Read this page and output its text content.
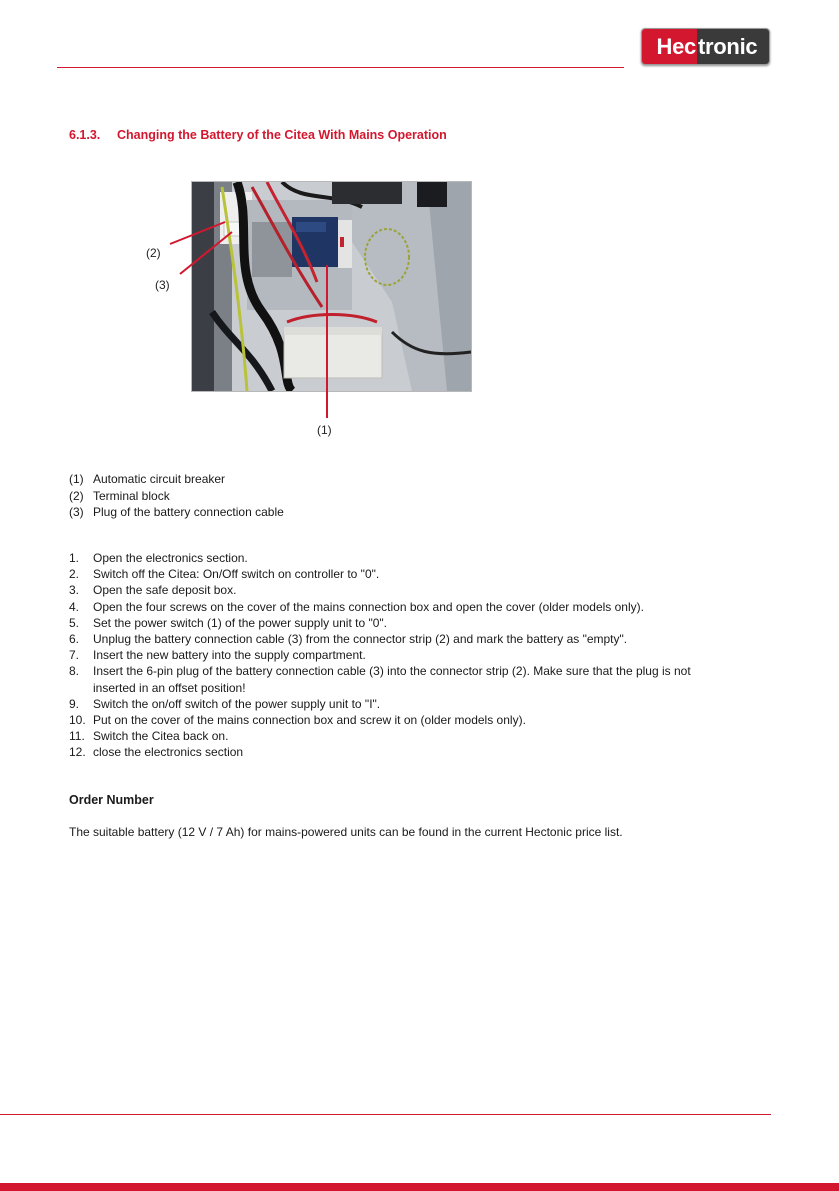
Hec tronic
6.1.3. Changing the Battery of the Citea With Mains Operation
(2)
(3)
(1)
(1) Automatic circuit breaker
(2) Terminal block
(3) Plug of the battery connection cable
1.	Open the electronics section.
2.	Switch off the Citea: On/Off switch on controller to "0".
3.	Open the safe deposit box.
4.	Open the four screws on the cover of the mains connection box and open the cover (older models only).
5.	Set the power switch (1) of the power supply unit to "0".
6.	Unplug the battery connection cable (3) from the connector strip (2) and mark the battery as "empty".
7.	Insert the new battery into the supply compartment.
8.	Insert the 6-pin plug of the battery connection cable (3) into the connector strip (2). Make sure that the plug is not inserted in an offset position!
9.	Switch the on/off switch of the power supply unit to "I".
10. Put on the cover of the mains connection box and screw it on (older models only).
11. Switch the Citea back on.
12. close the electronics section
Order Number
The suitable battery (12 V / 7 Ah) for mains-powered units can be found in the current Hectonic price list.
